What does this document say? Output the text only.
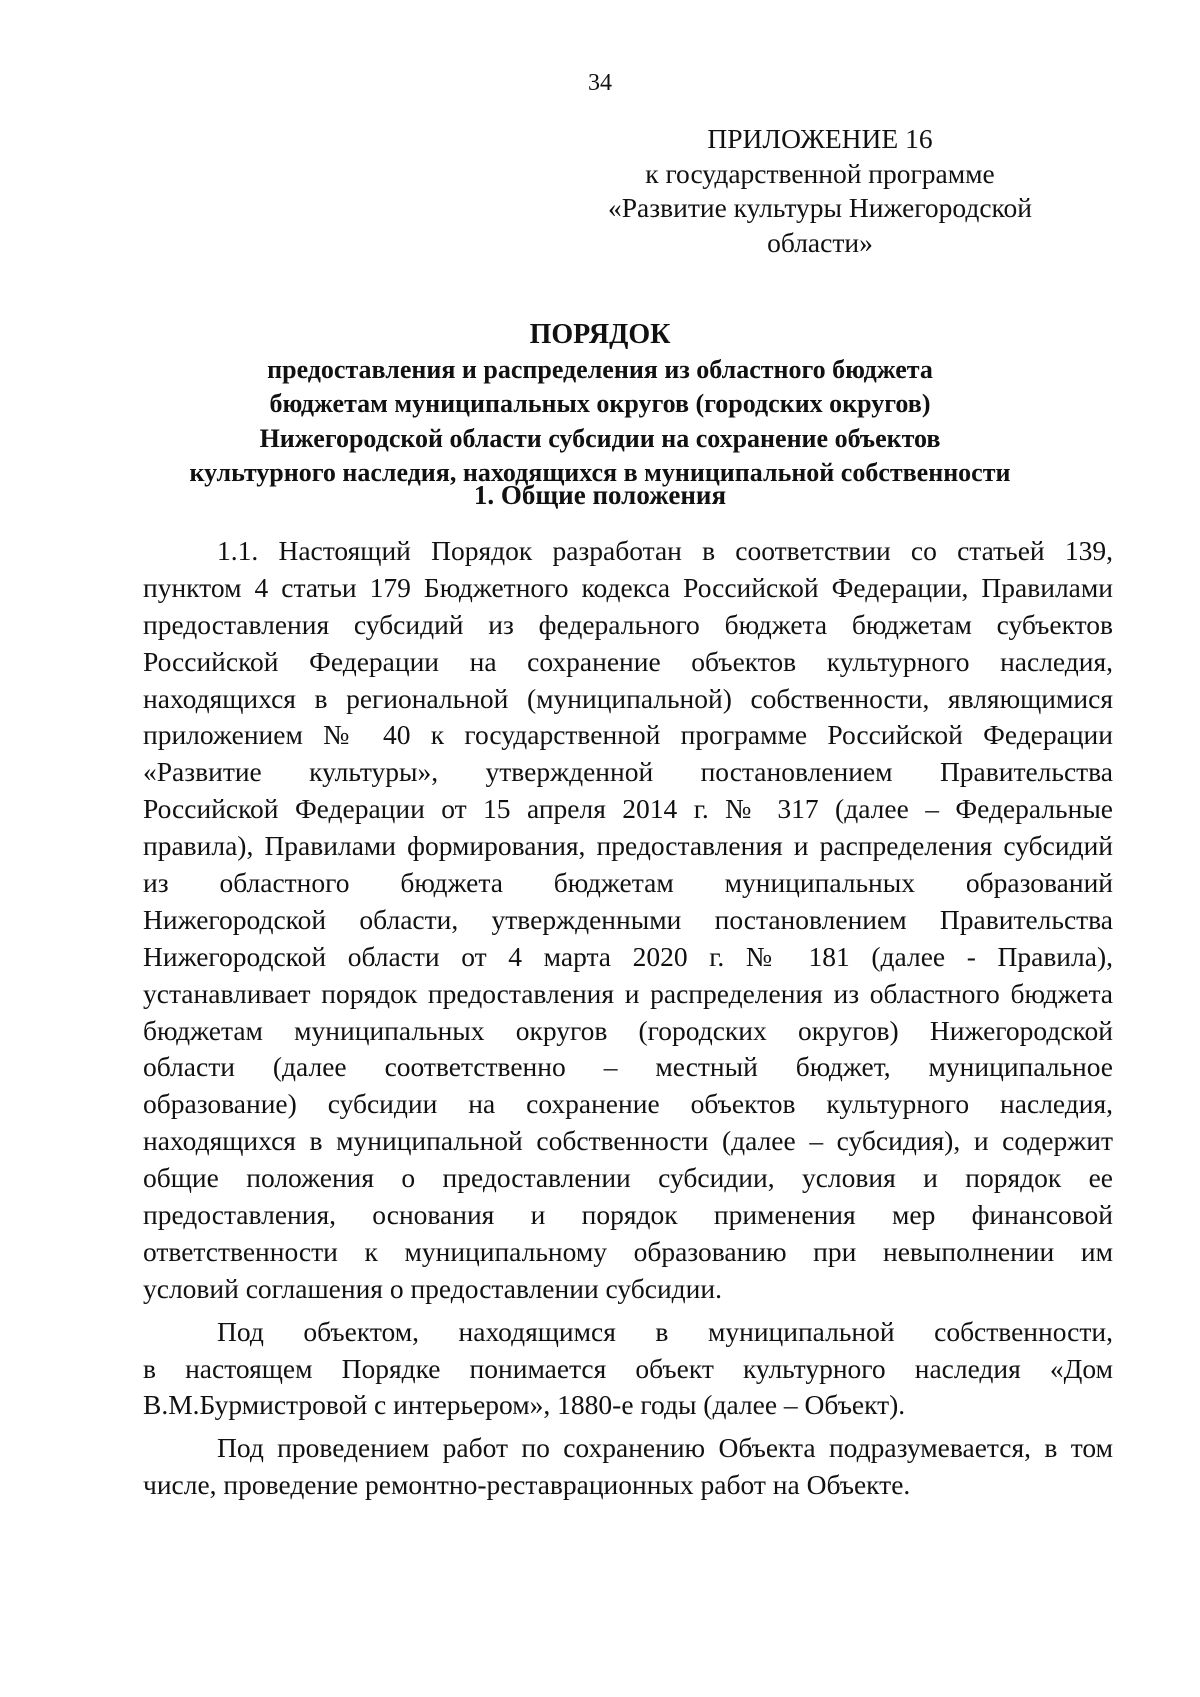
34
ПРИЛОЖЕНИЕ 16
к государственной программе
«Развитие культуры Нижегородской
области»
ПОРЯДОК
предоставления и распределения из областного бюджета
бюджетам муниципальных округов (городских округов)
Нижегородской области субсидии на сохранение объектов
культурного наследия, находящихся в муниципальной собственности
1. Общие положения
1.1. Настоящий Порядок разработан в соответствии со статьей 139,
пунктом 4 статьи 179 Бюджетного кодекса Российской Федерации, Правилами
предоставления субсидий из федерального бюджета бюджетам субъектов
Российской Федерации на сохранение объектов культурного наследия,
находящихся в региональной (муниципальной) собственности, являющимися
приложением № 40 к государственной программе Российской Федерации
«Развитие культуры», утвержденной постановлением Правительства
Российской Федерации от 15 апреля 2014 г. № 317 (далее – Федеральные
правила), Правилами формирования, предоставления и распределения субсидий
из областного бюджета бюджетам муниципальных образований
Нижегородской области, утвержденными постановлением Правительства
Нижегородской области от 4 марта 2020 г. № 181 (далее - Правила),
устанавливает порядок предоставления и распределения из областного бюджета
бюджетам муниципальных округов (городских округов) Нижегородской
области (далее соответственно – местный бюджет, муниципальное
образование) субсидии на сохранение объектов культурного наследия,
находящихся в муниципальной собственности (далее – субсидия), и содержит
общие положения о предоставлении субсидии, условия и порядок ее
предоставления, основания и порядок применения мер финансовой
ответственности к муниципальному образованию при невыполнении им
условий соглашения о предоставлении субсидии.
Под объектом, находящимся в муниципальной собственности,
в настоящем Порядке понимается объект культурного наследия «Дом
В.М.Бурмистровой с интерьером», 1880-е годы (далее – Объект).
Под проведением работ по сохранению Объекта подразумевается, в том
числе, проведение ремонтно-реставрационных работ на Объекте.
